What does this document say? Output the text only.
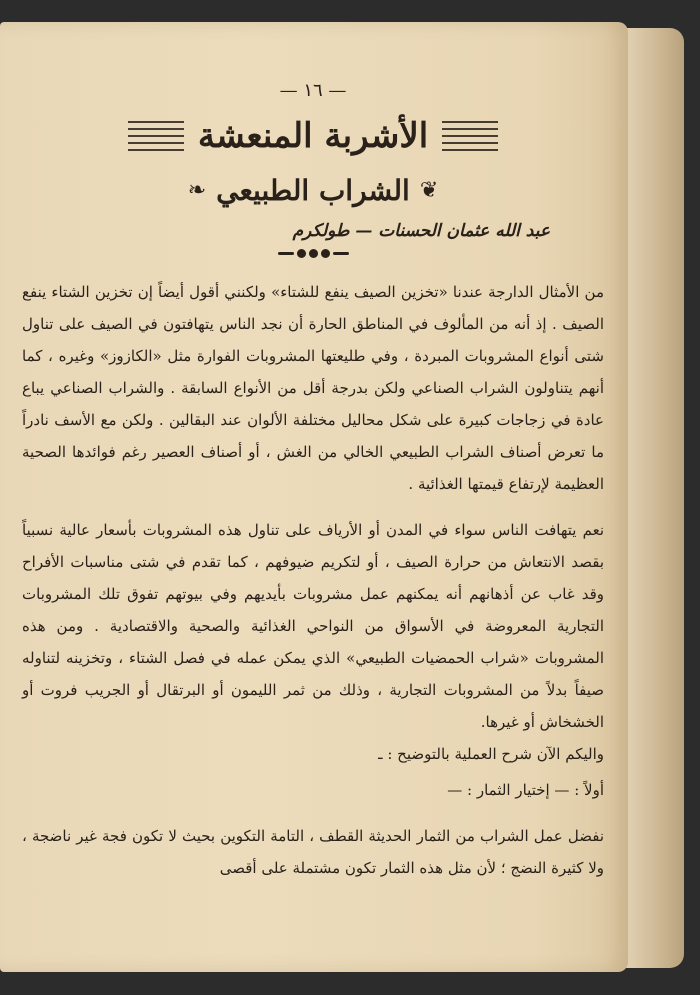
— ١٦ —
الأشربة المنعشة
❦
الشراب الطبيعي
❧
عبد الله عثمان الحسنات — طولكرم

من الأمثال الدارجة عندنا «تخزين الصيف ينفع للشتاء» ولكنني أقول أيضاً إن تخزين الشتاء ينفع الصيف . إذ أنه من المألوف في المناطق الحارة أن نجد الناس يتهافتون في الصيف على تناول شتى أنواع المشروبات المبردة ، وفي طليعتها المشروبات الفوارة مثل «الكازوز» وغيره ، كما أنهم يتناولون الشراب الصناعي ولكن بدرجة أقل من الأنواع السابقة . والشراب الصناعي يباع عادة في زجاجات كبيرة على شكل محاليل مختلفة الألوان عند البقالين . ولكن مع الأسف نادراً ما تعرض أصناف الشراب الطبيعي الخالي من الغش ، أو أصناف العصير رغم فوائدها الصحية العظيمة لإرتفاع قيمتها الغذائية .

نعم يتهافت الناس سواء في المدن أو الأرياف على تناول هذه المشروبات بأسعار عالية نسبياً بقصد الانتعاش من حرارة الصيف ، أو لتكريم ضيوفهم ، كما تقدم في شتى مناسبات الأفراح وقد غاب عن أذهانهم أنه يمكنهم عمل مشروبات بأيديهم وفي بيوتهم تفوق تلك المشروبات التجارية المعروضة في الأسواق من النواحي الغذائية والصحية والاقتصادية . ومن هذه المشروبات «شراب الحمضيات الطبيعي» الذي يمكن عمله في فصل الشتاء ، وتخزينه لتناوله صيفاً بدلاً من المشروبات التجارية ، وذلك من ثمر الليمون أو البرتقال أو الجريب فروت أو الخشخاش أو غيرها.

واليكم الآن شرح العملية بالتوضيح : ـ

أولاً : — إختيار الثمار : —

نفضل عمل الشراب من الثمار الحديثة القطف ، التامة التكوين بحيث لا تكون فجة غير ناضجة ، ولا كثيرة النضج ؛ لأن مثل هذه الثمار تكون مشتملة على أقصى
